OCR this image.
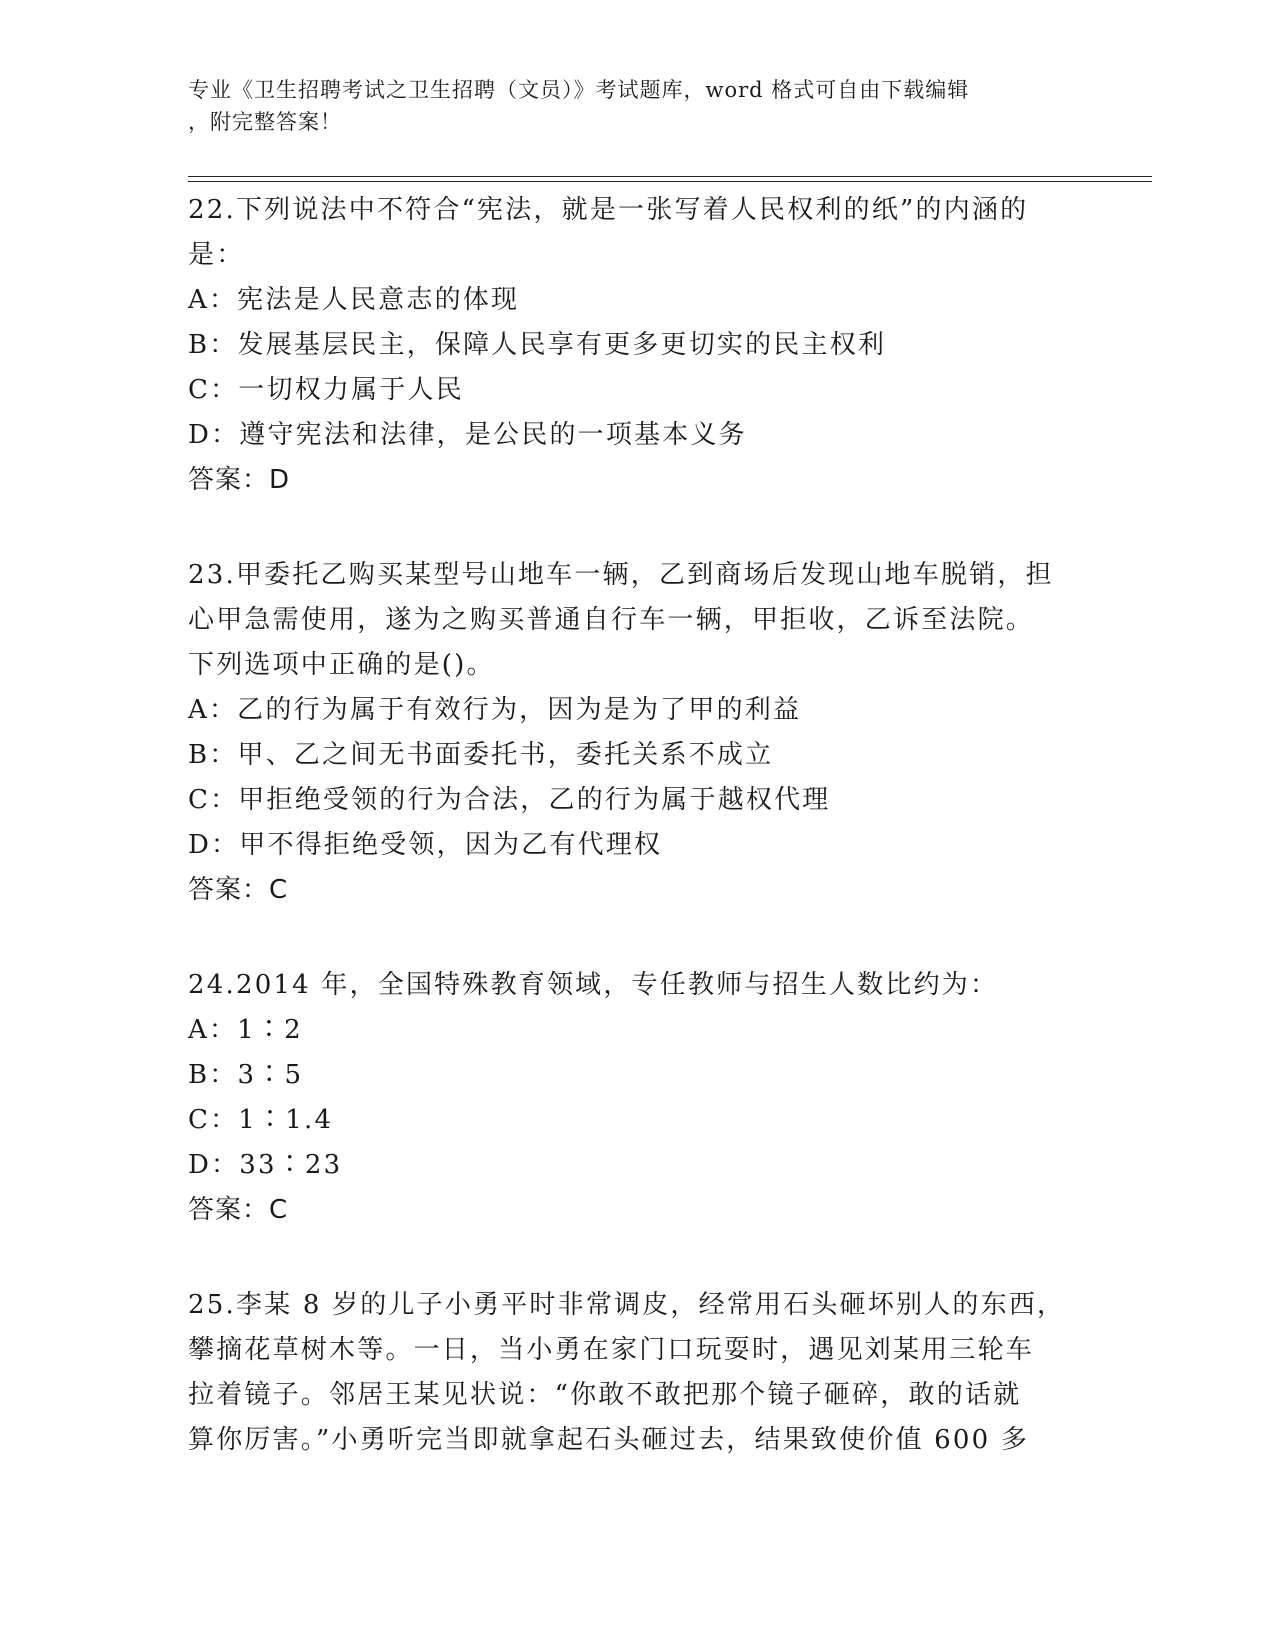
专业《卫生招聘考试之卫生招聘（文员）》考试题库，word 格式可自由下载编辑
，附完整答案！
22.下列说法中不符合“宪法，就是一张写着人民权利的纸”的内涵的
是：
A：宪法是人民意志的体现
B：发展基层民主，保障人民享有更多更切实的民主权利
C：一切权力属于人民
D：遵守宪法和法律，是公民的一项基本义务
答案：D
23.甲委托乙购买某型号山地车一辆，乙到商场后发现山地车脱销，担
心甲急需使用，遂为之购买普通自行车一辆，甲拒收，乙诉至法院。
下列选项中正确的是()。
A：乙的行为属于有效行为，因为是为了甲的利益
B：甲、乙之间无书面委托书，委托关系不成立
C：甲拒绝受领的行为合法，乙的行为属于越权代理
D：甲不得拒绝受领，因为乙有代理权
答案：C
24.2014 年，全国特殊教育领域，专任教师与招生人数比约为：
A：1∶2
B：3∶5
C：1∶1.4
D：33∶23
答案：C
25.李某 8 岁的儿子小勇平时非常调皮，经常用石头砸坏别人的东西，
攀摘花草树木等。一日，当小勇在家门口玩耍时，遇见刘某用三轮车
拉着镜子。邻居王某见状说：“你敢不敢把那个镜子砸碎，敢的话就
算你厉害。”小勇听完当即就拿起石头砸过去，结果致使价值 600 多
